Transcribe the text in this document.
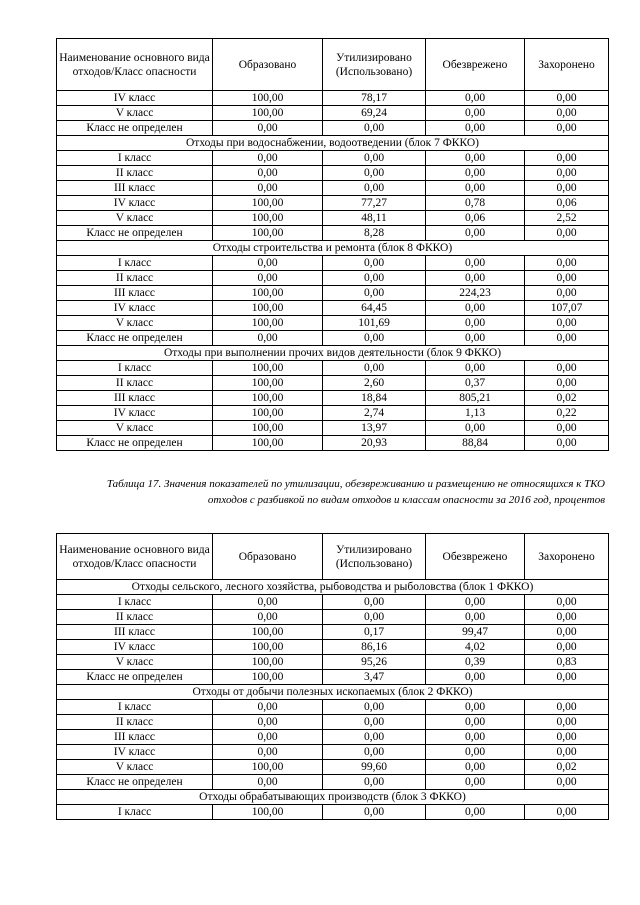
Наименование основного вида отходов/Класс опасности	Образовано	Утилизировано (Использовано)	Обезврежено	Захоронено
IV класс	100,00	78,17	0,00	0,00
V класс	100,00	69,24	0,00	0,00
Класс не определен	0,00	0,00	0,00	0,00
Отходы при водоснабжении, водоотведении (блок 7 ФККО)				
I класс	0,00	0,00	0,00	0,00
II класс	0,00	0,00	0,00	0,00
III класс	0,00	0,00	0,00	0,00
IV класс	100,00	77,27	0,78	0,06
V класс	100,00	48,11	0,06	2,52
Класс не определен	100,00	8,28	0,00	0,00
Отходы строительства и ремонта (блок 8 ФККО)				
I класс	0,00	0,00	0,00	0,00
II класс	0,00	0,00	0,00	0,00
III класс	100,00	0,00	224,23	0,00
IV класс	100,00	64,45	0,00	107,07
V класс	100,00	101,69	0,00	0,00
Класс не определен	0,00	0,00	0,00	0,00
Отходы при выполнении прочих видов деятельности (блок 9 ФККО)				
I класс	100,00	0,00	0,00	0,00
II класс	100,00	2,60	0,37	0,00
III класс	100,00	18,84	805,21	0,02
IV класс	100,00	2,74	1,13	0,22
V класс	100,00	13,97	0,00	0,00
Класс не определен	100,00	20,93	88,84	0,00
Таблица 17. Значения показателей по утилизации, обезвреживанию и размещению не относящихся к ТКО отходов с разбивкой по видам отходов и классам опасности за 2016 год, процентов
Наименование основного вида отходов/Класс опасности	Образовано	Утилизировано (Использовано)	Обезврежено	Захоронено
Отходы сельского, лесного хозяйства, рыбоводства и рыболовства (блок 1 ФККО)				
I класс	0,00	0,00	0,00	0,00
II класс	0,00	0,00	0,00	0,00
III класс	100,00	0,17	99,47	0,00
IV класс	100,00	86,16	4,02	0,00
V класс	100,00	95,26	0,39	0,83
Класс не определен	100,00	3,47	0,00	0,00
Отходы от добычи полезных ископаемых (блок 2 ФККО)				
I класс	0,00	0,00	0,00	0,00
II класс	0,00	0,00	0,00	0,00
III класс	0,00	0,00	0,00	0,00
IV класс	0,00	0,00	0,00	0,00
V класс	100,00	99,60	0,00	0,02
Класс не определен	0,00	0,00	0,00	0,00
Отходы обрабатывающих производств (блок 3 ФККО)				
I класс	100,00	0,00	0,00	0,00
